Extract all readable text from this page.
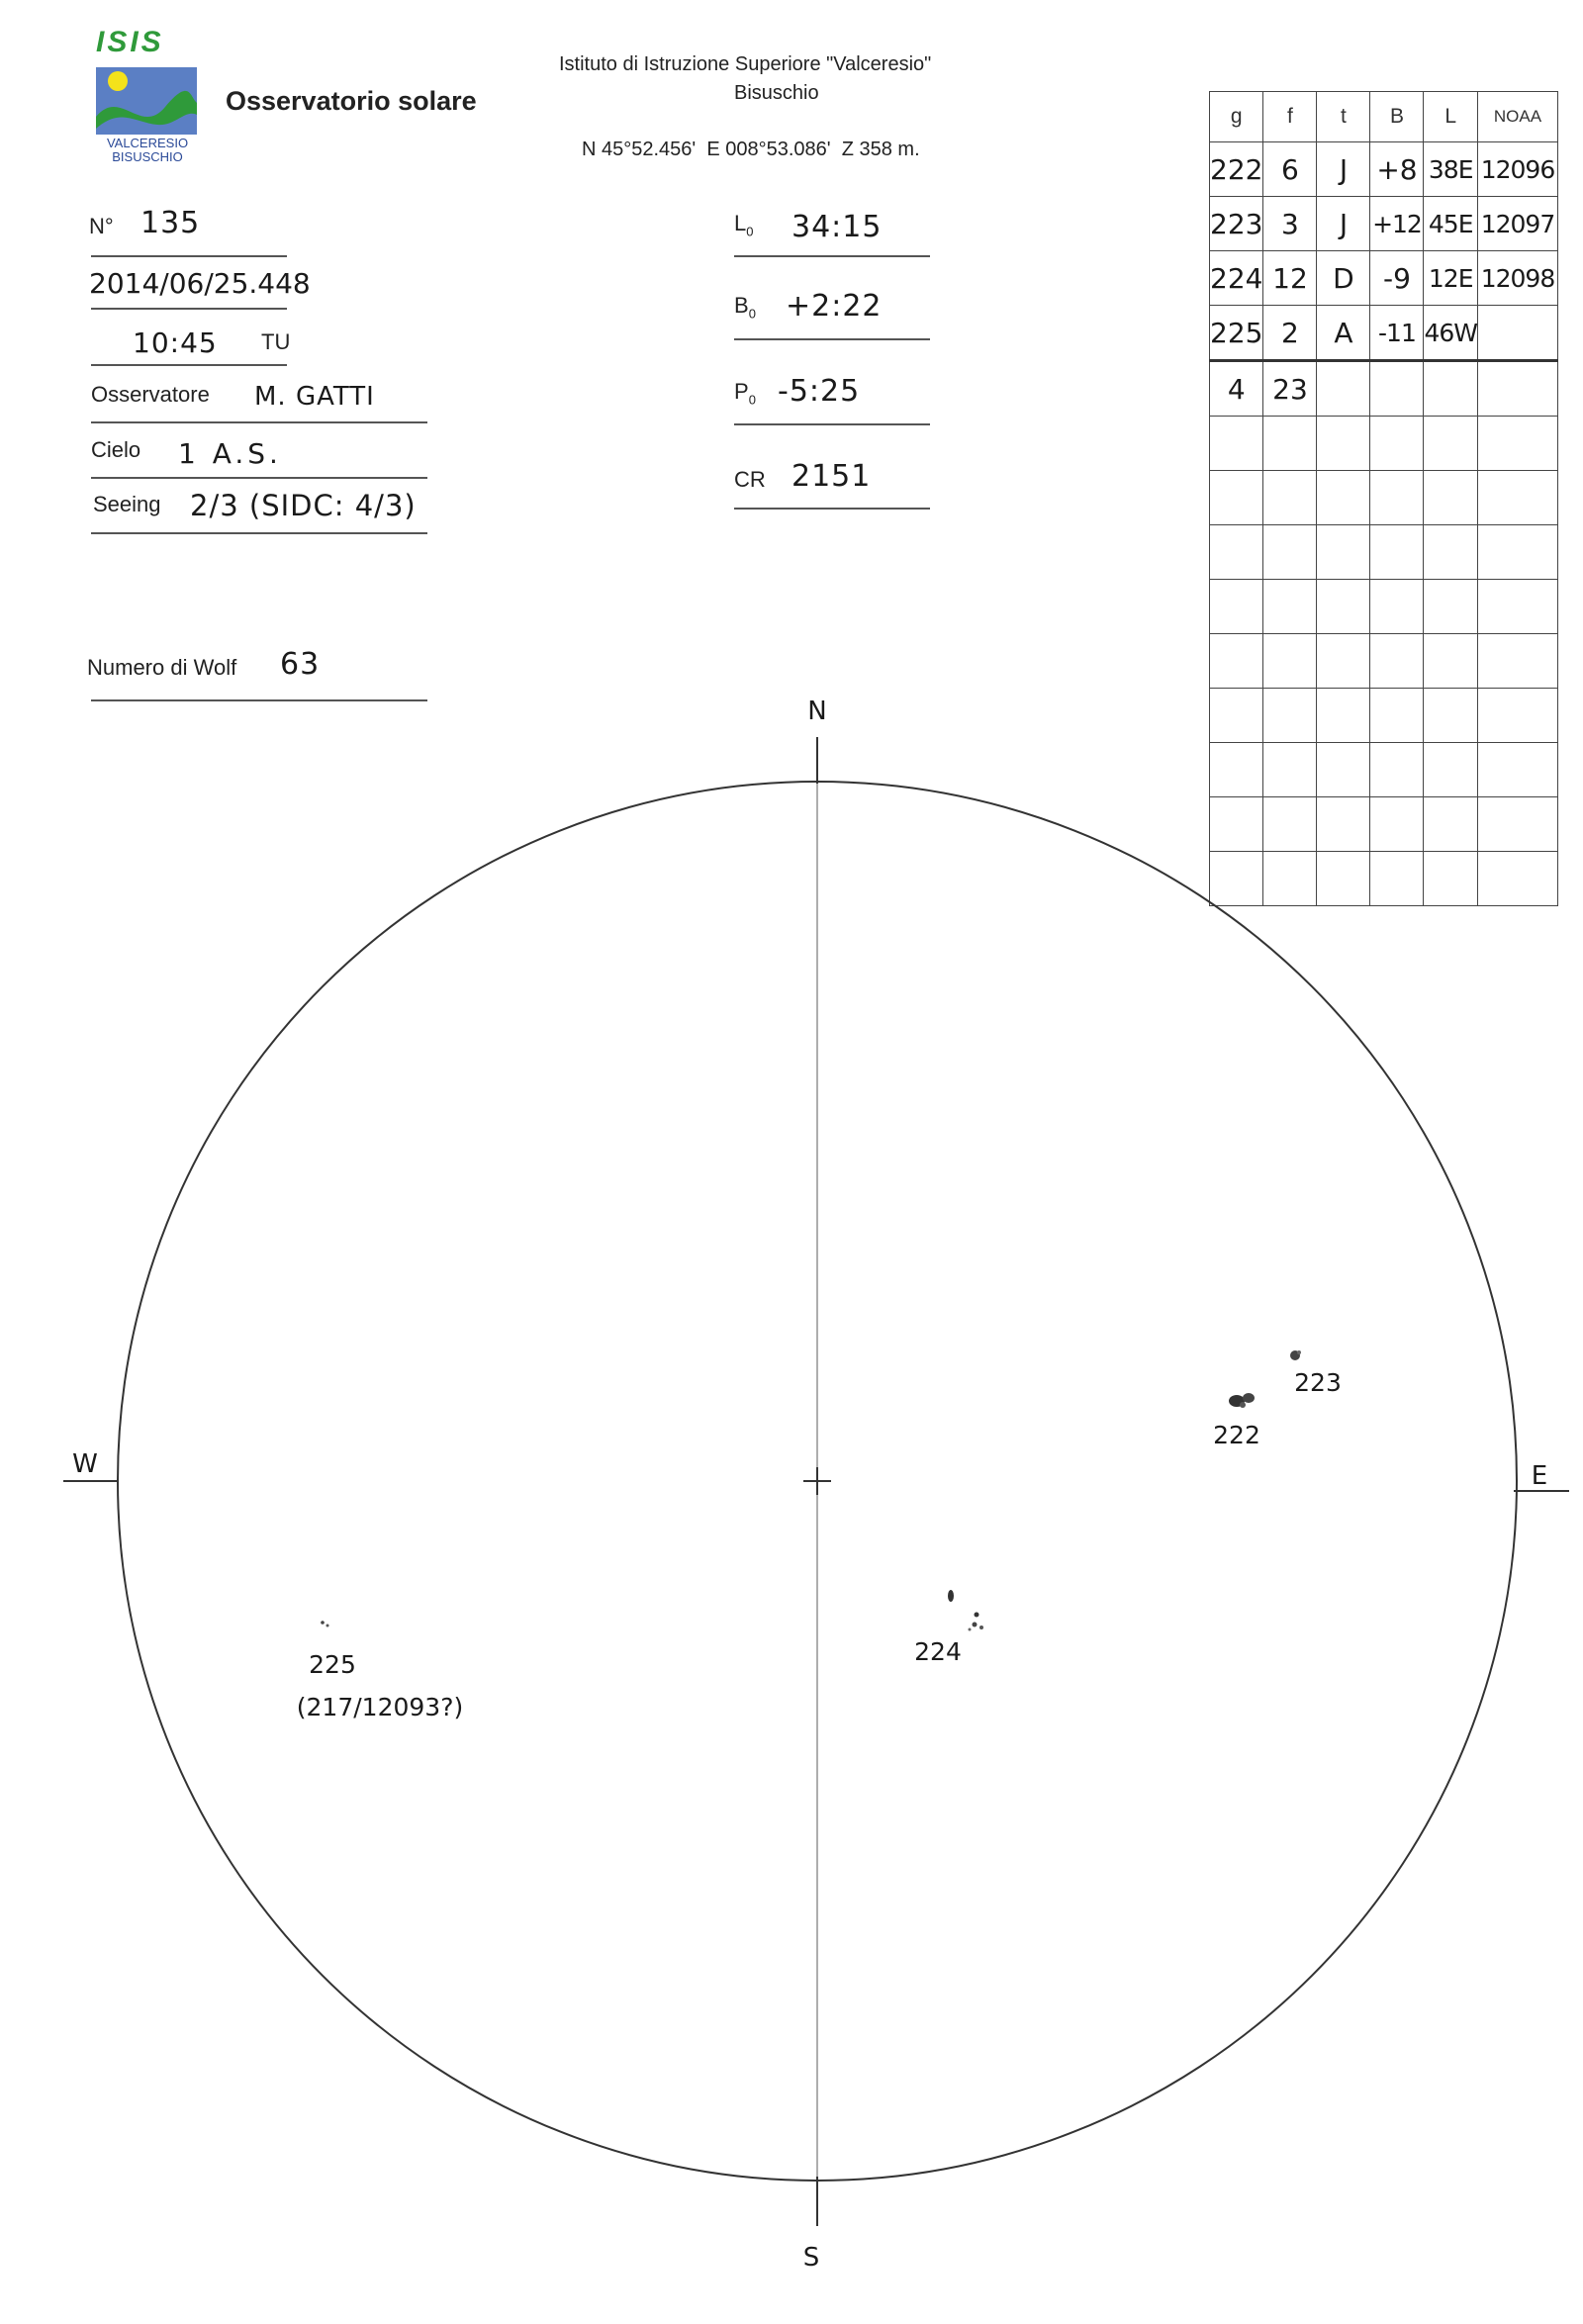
ISIS
VALCERESIO
BISUSCHIO
Osservatorio solare
Istituto di Istruzione Superiore "Valceresio"
Bisuschio
N 45°52.456'  E 008°53.086'  Z 358 m.
N° 135
2014/06/25.448
10:45 TU
Osservatore M. GATTI
Cielo 1 A.S.
Seeing 2/3 (SIDC: 4/3)
Numero di Wolf 63
$L_0$ 34:15
$B_0$ +2:22
$P_0$ -5:25
CR 2151
g	f	t	B	L	NOAA
222	6	J	+8	38E	12096
223	3	J	+12	45E	12097
224	12	D	-9	12E	12098
225	2	A	-11	46W	
4	23				

N
S
E
W
222
223
224
225
(217/12093?)
